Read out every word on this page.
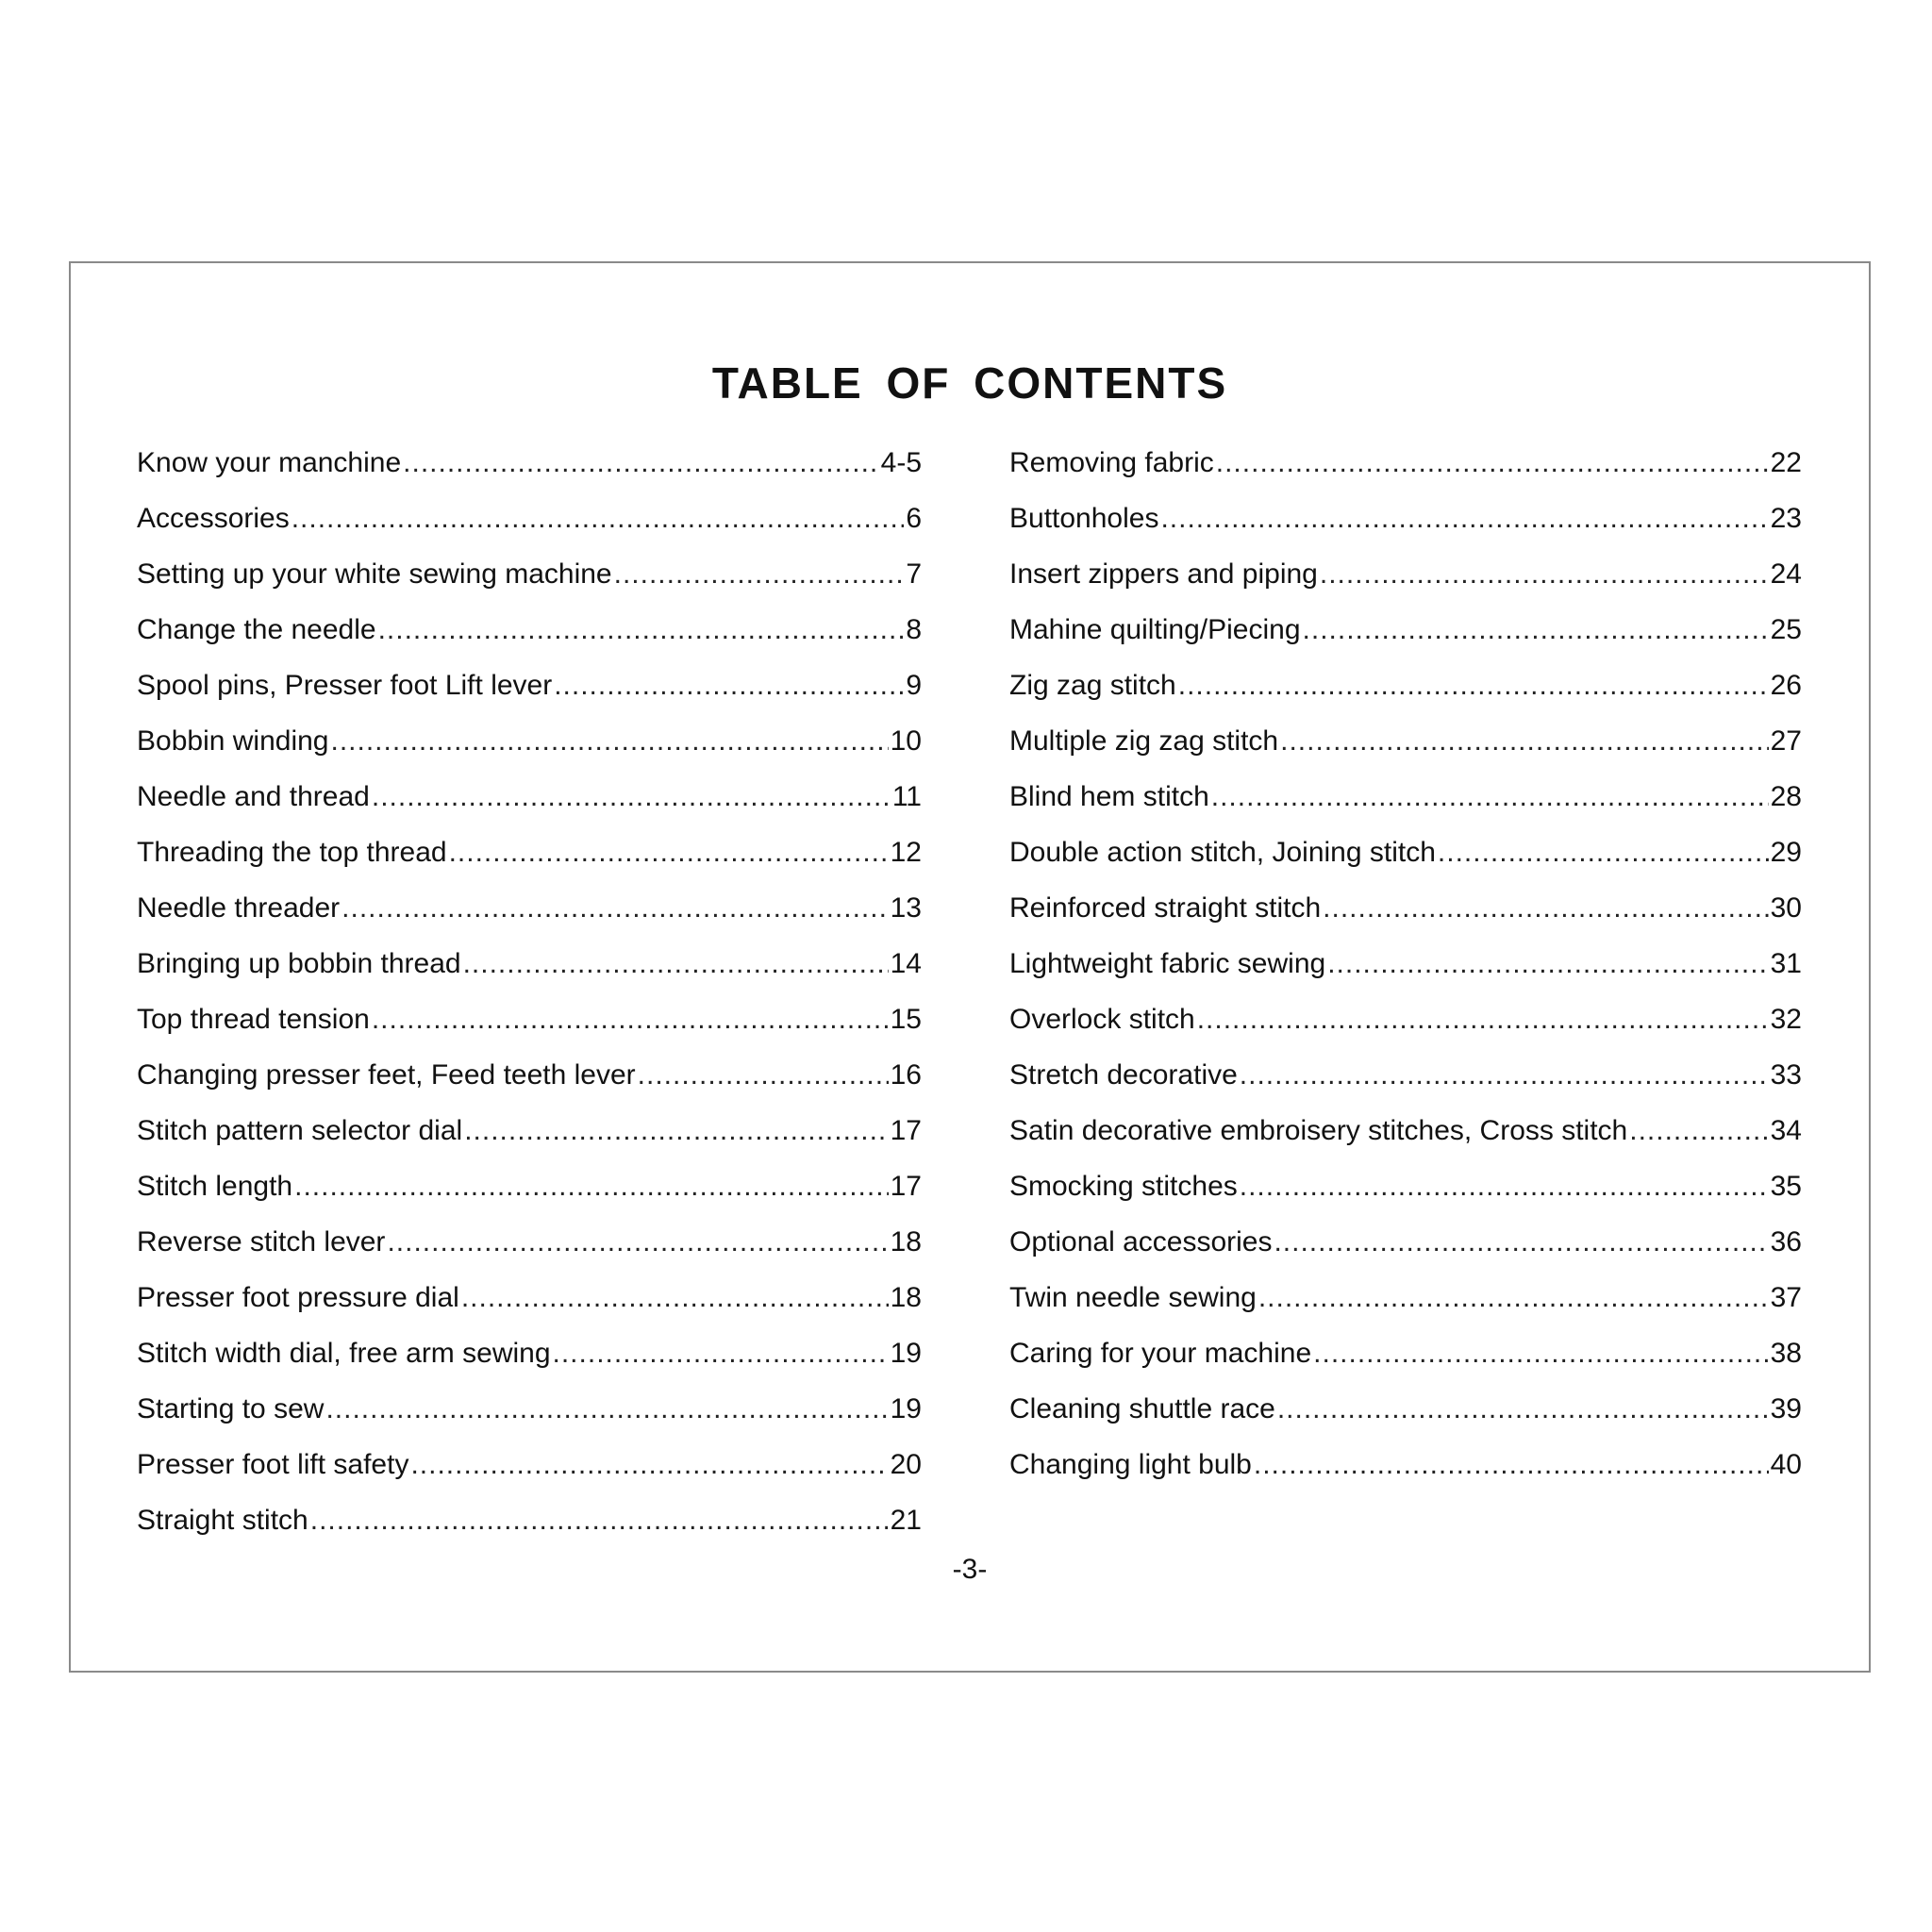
TABLE OF CONTENTS
Know your manchine .....	4-5
Accessories .....	6
Setting up your white sewing machine .....	7
Change the needle .....	8
Spool pins, Presser foot Lift lever .....	9
Bobbin winding .....	10
Needle and thread .....	11
Threading the top thread .....	12
Needle threader .....	13
Bringing up bobbin thread .....	14
Top thread tension .....	15
Changing presser feet, Feed teeth lever .....	16
Stitch pattern selector dial .....	17
Stitch length .....	17
Reverse stitch lever .....	18
Presser foot pressure dial .....	18
Stitch width dial, free arm sewing .....	19
Starting to sew .....	19
Presser foot lift safety .....	20
Straight stitch .....	21
Removing fabric .....	22
Buttonholes .....	23
Insert zippers and piping .....	24
Mahine quilting/Piecing .....	25
Zig zag stitch .....	26
Multiple zig zag stitch .....	27
Blind hem stitch .....	28
Double action stitch, Joining stitch .....	29
Reinforced straight stitch .....	30
Lightweight fabric sewing .....	31
Overlock stitch .....	32
Stretch decorative .....	33
Satin decorative embroisery stitches, Cross stitch .....	34
Smocking stitches .....	35
Optional accessories .....	36
Twin needle sewing .....	37
Caring for your machine .....	38
Cleaning shuttle race .....	39
Changing light bulb .....	40
-3-
